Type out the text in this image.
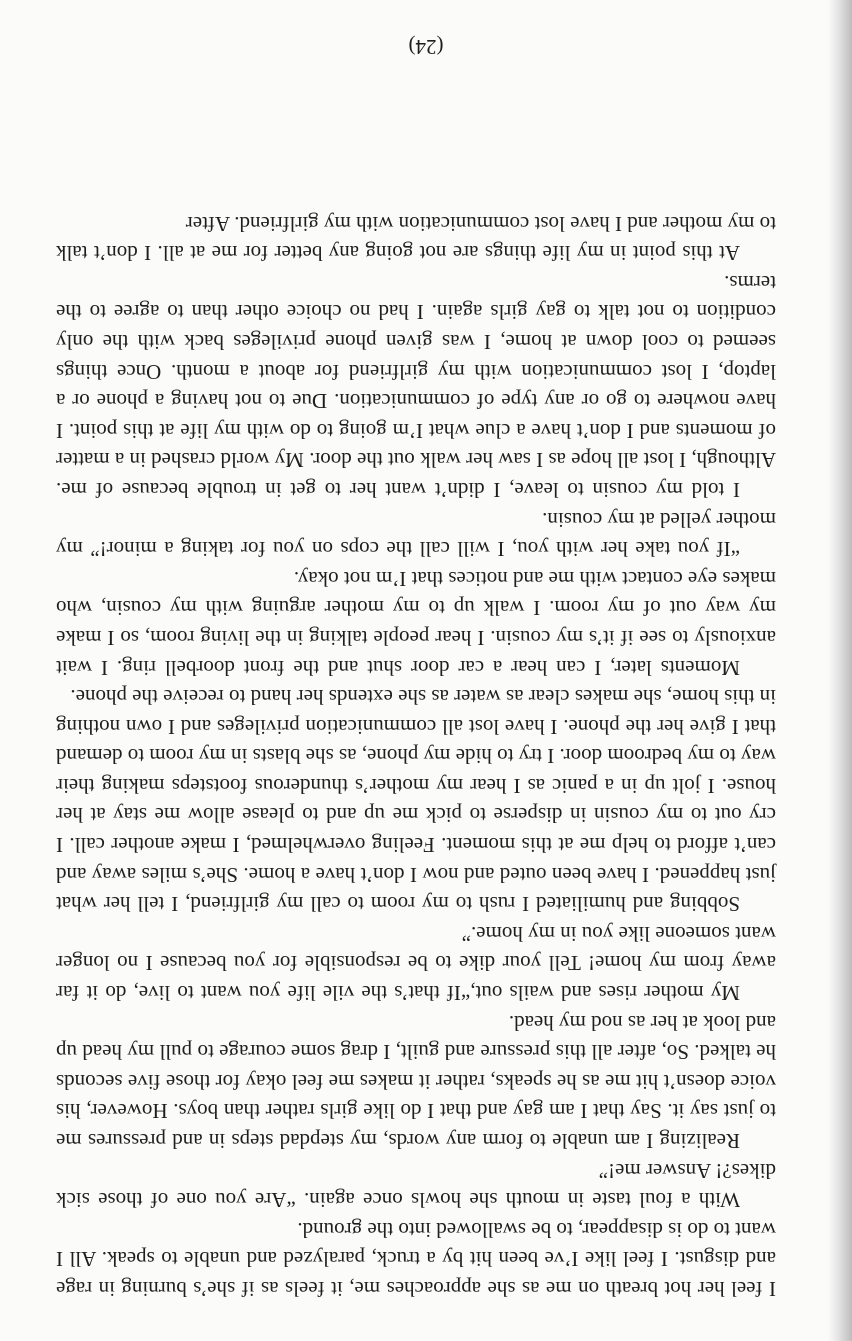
I feel her hot breath on me as she approaches me, it feels as if she’s burning in rage and disgust. I feel like I’ve been hit by a truck, paralyzed and unable to speak. All I want to do is disappear, to be swallowed into the ground.

With a foul taste in mouth she howls once again. “Are you one of those sick dikes?! Answer me!”

Realizing I am unable to form any words, my stepdad steps in and pressures me to just say it. Say that I am gay and that I do like girls rather than boys. However, his voice doesn’t hit me as he speaks, rather it makes me feel okay for those five seconds he talked. So, after all this pressure and guilt, I drag some courage to pull my head up and look at her as nod my head.

My mother rises and wails out,“If that’s the vile life you want to live, do it far away from my home! Tell your dike to be responsible for you because I no longer want someone like you in my home.”

Sobbing and humiliated I rush to my room to call my girlfriend, I tell her what just happened. I have been outed and now I don’t have a home. She’s miles away and can’t afford to help me at this moment. Feeling overwhelmed, I make another call. I cry out to my cousin in disperse to pick me up and to please allow me stay at her house. I jolt up in a panic as I hear my mother’s thunderous footsteps making their way to my bedroom door. I try to hide my phone, as she blasts in my room to demand that I give her the phone. I have lost all communication privileges and I own nothing in this home, she makes clear as water as she extends her hand to receive the phone.

Moments later, I can hear a car door shut and the front doorbell ring. I wait anxiously to see if it’s my cousin. I hear people talking in the living room, so I make my way out of my room. I walk up to my mother arguing with my cousin, who makes eye contact with me and notices that I’m not okay.

“If you take her with you, I will call the cops on you for taking a minor!” my mother yelled at my cousin.

I told my cousin to leave, I didn’t want her to get in trouble because of me. Although, I lost all hope as I saw her walk out the door. My world crashed in a matter of moments and I don’t have a clue what I’m going to do with my life at this point. I have nowhere to go or any type of communication. Due to not having a phone or a laptop, I lost communication with my girlfriend for about a month. Once things seemed to cool down at home, I was given phone privileges back with the only condition to not talk to gay girls again. I had no choice other than to agree to the terms.

At this point in my life things are not going any better for me at all. I don’t talk to my mother and I have lost communication with my girlfriend. After

(24)
